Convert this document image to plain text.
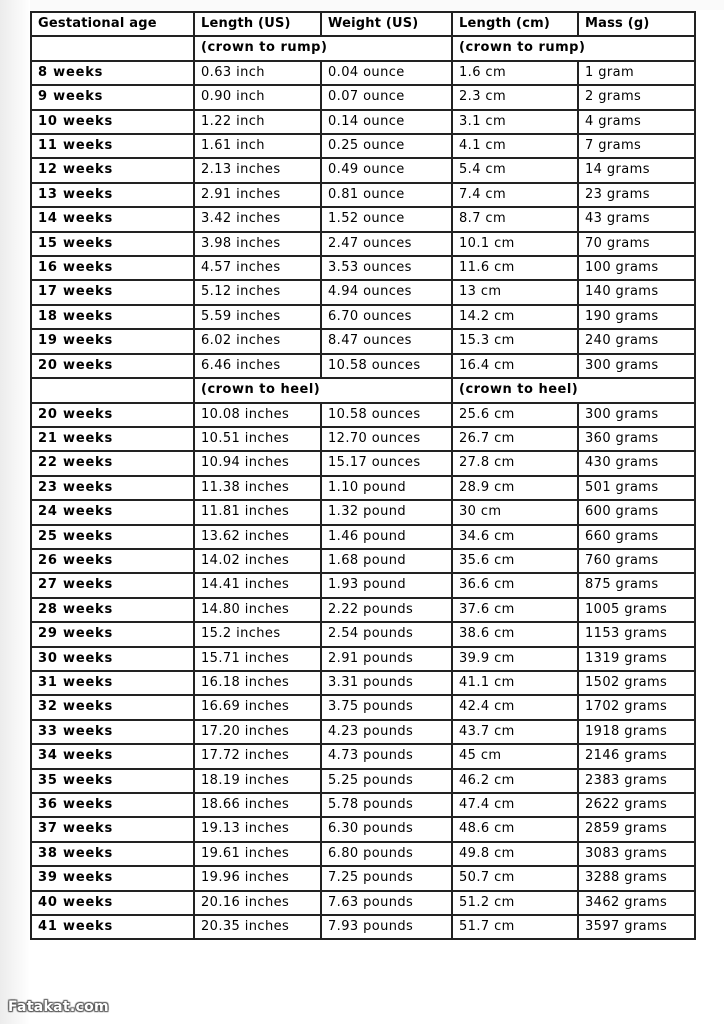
Gestational age	Length (US)	Weight (US)	Length (cm)	Mass (g)
	(crown to rump)		(crown to rump)	
8 weeks	0.63 inch	0.04 ounce	1.6 cm	1 gram
9 weeks	0.90 inch	0.07 ounce	2.3 cm	2 grams
10 weeks	1.22 inch	0.14 ounce	3.1 cm	4 grams
11 weeks	1.61 inch	0.25 ounce	4.1 cm	7 grams
12 weeks	2.13 inches	0.49 ounce	5.4 cm	14 grams
13 weeks	2.91 inches	0.81 ounce	7.4 cm	23 grams
14 weeks	3.42 inches	1.52 ounce	8.7 cm	43 grams
15 weeks	3.98 inches	2.47 ounces	10.1 cm	70 grams
16 weeks	4.57 inches	3.53 ounces	11.6 cm	100 grams
17 weeks	5.12 inches	4.94 ounces	13 cm	140 grams
18 weeks	5.59 inches	6.70 ounces	14.2 cm	190 grams
19 weeks	6.02 inches	8.47 ounces	15.3 cm	240 grams
20 weeks	6.46 inches	10.58 ounces	16.4 cm	300 grams
	(crown to heel)		(crown to heel)	
20 weeks	10.08 inches	10.58 ounces	25.6 cm	300 grams
21 weeks	10.51 inches	12.70 ounces	26.7 cm	360 grams
22 weeks	10.94 inches	15.17 ounces	27.8 cm	430 grams
23 weeks	11.38 inches	1.10 pound	28.9 cm	501 grams
24 weeks	11.81 inches	1.32 pound	30 cm	600 grams
25 weeks	13.62 inches	1.46 pound	34.6 cm	660 grams
26 weeks	14.02 inches	1.68 pound	35.6 cm	760 grams
27 weeks	14.41 inches	1.93 pound	36.6 cm	875 grams
28 weeks	14.80 inches	2.22 pounds	37.6 cm	1005 grams
29 weeks	15.2 inches	2.54 pounds	38.6 cm	1153 grams
30 weeks	15.71 inches	2.91 pounds	39.9 cm	1319 grams
31 weeks	16.18 inches	3.31 pounds	41.1 cm	1502 grams
32 weeks	16.69 inches	3.75 pounds	42.4 cm	1702 grams
33 weeks	17.20 inches	4.23 pounds	43.7 cm	1918 grams
34 weeks	17.72 inches	4.73 pounds	45 cm	2146 grams
35 weeks	18.19 inches	5.25 pounds	46.2 cm	2383 grams
36 weeks	18.66 inches	5.78 pounds	47.4 cm	2622 grams
37 weeks	19.13 inches	6.30 pounds	48.6 cm	2859 grams
38 weeks	19.61 inches	6.80 pounds	49.8 cm	3083 grams
39 weeks	19.96 inches	7.25 pounds	50.7 cm	3288 grams
40 weeks	20.16 inches	7.63 pounds	51.2 cm	3462 grams
41 weeks	20.35 inches	7.93 pounds	51.7 cm	3597 grams
Fatakat.com
